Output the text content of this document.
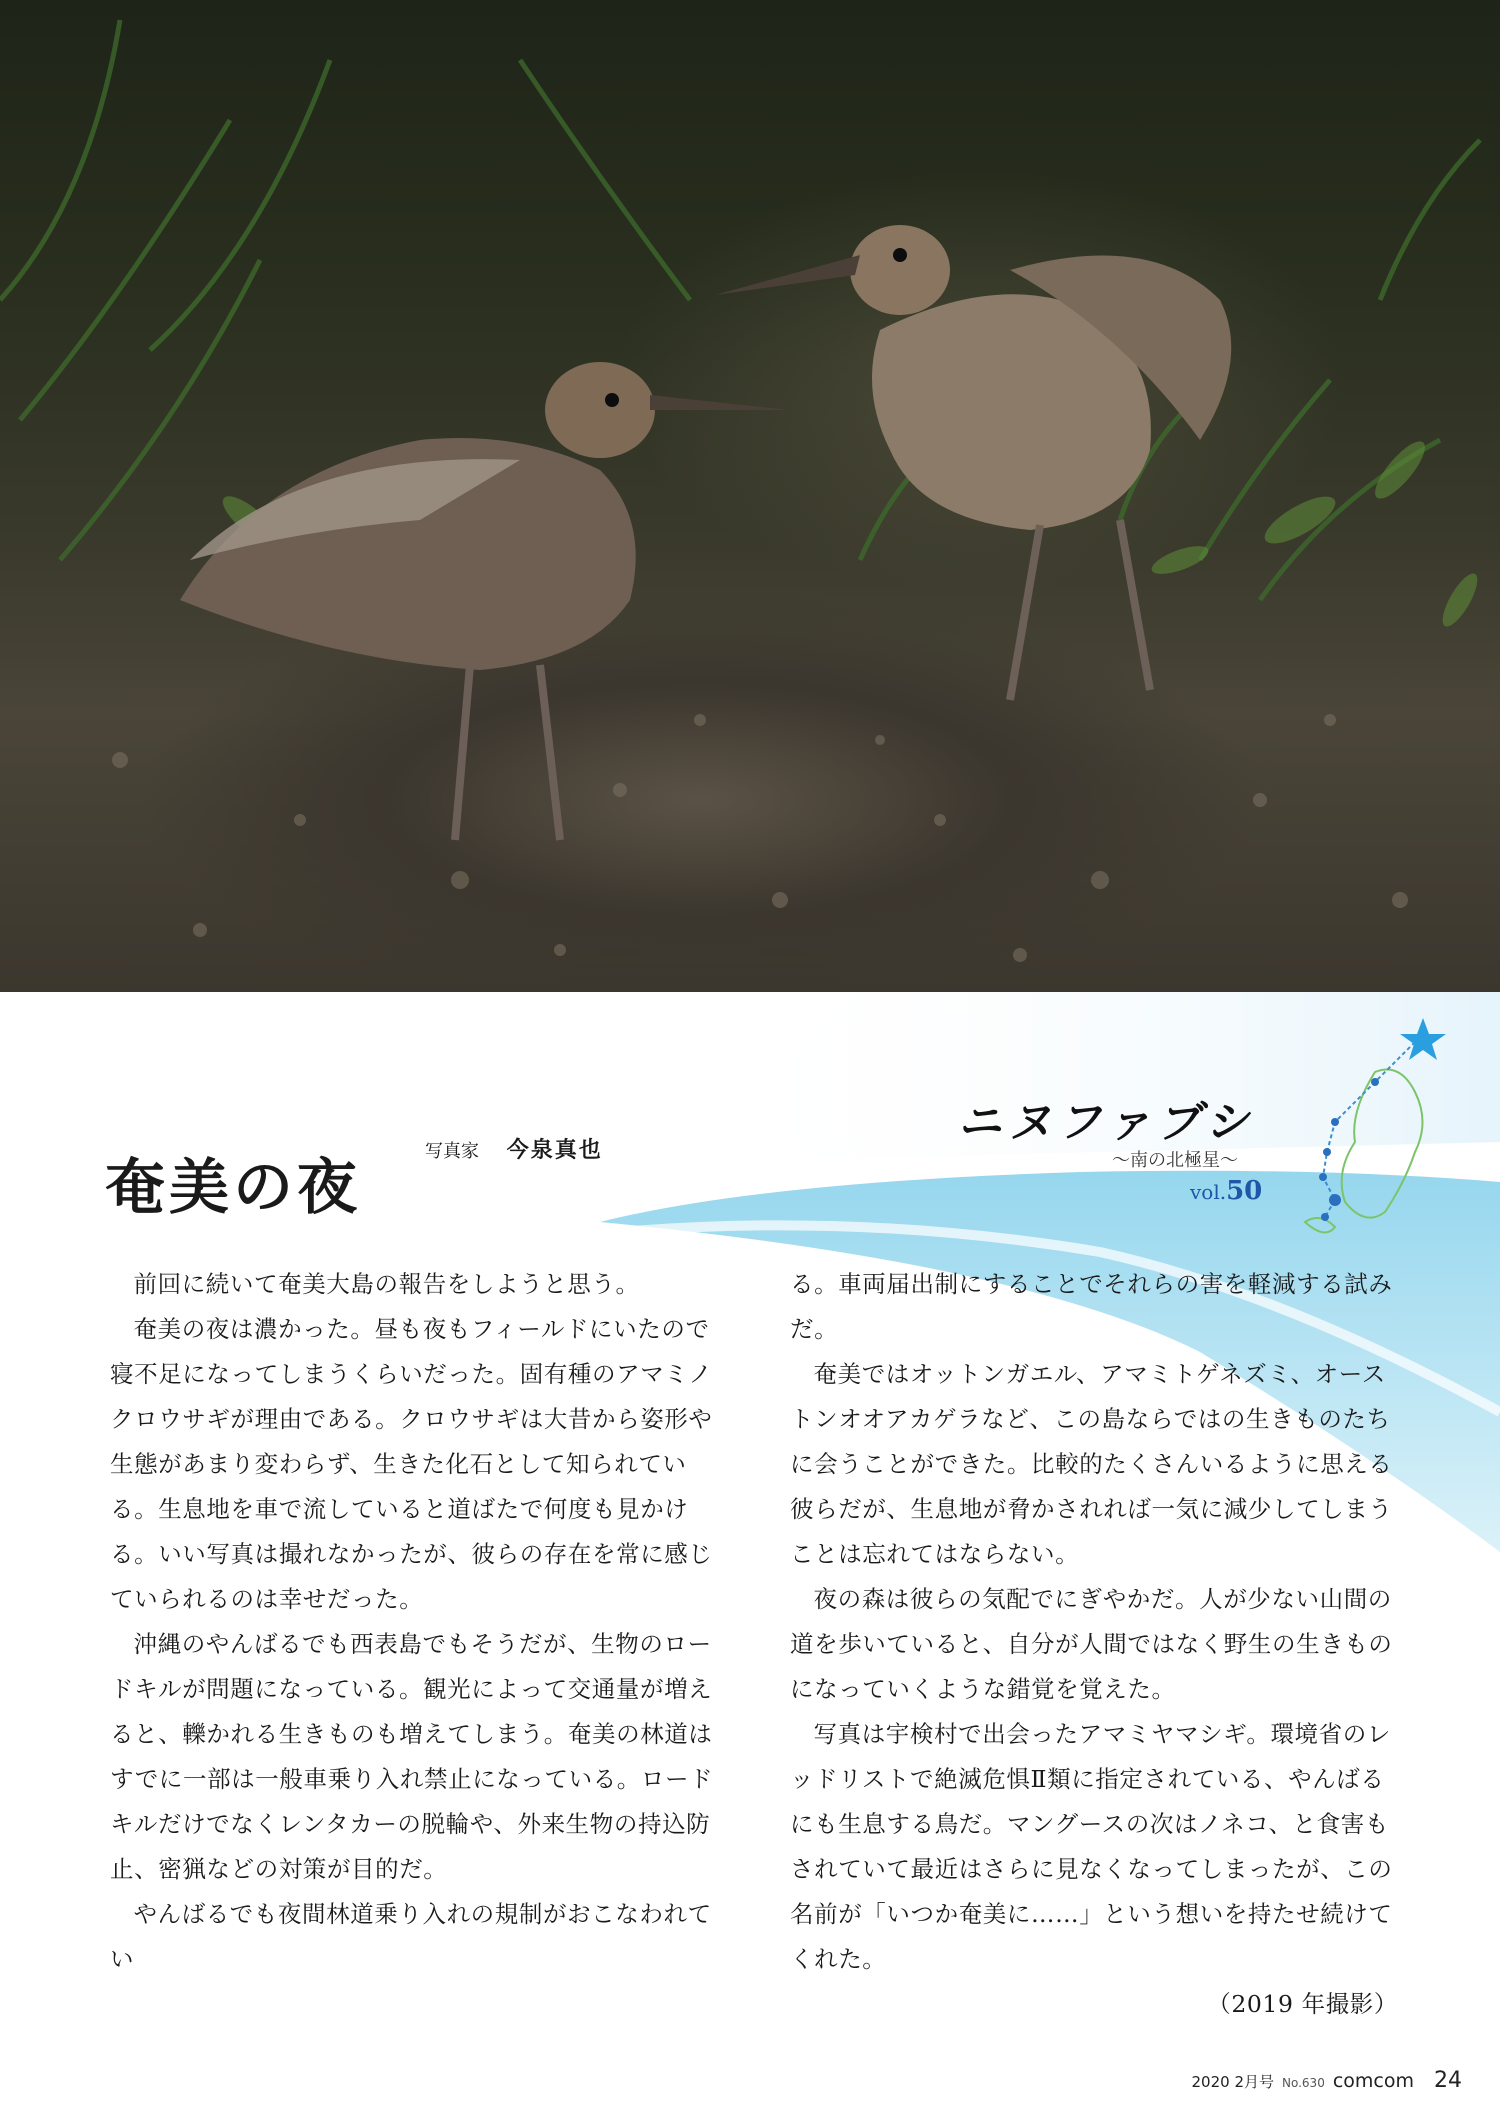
奄美の夜
写真家 今泉真也
ニヌファブシ
〜南の北極星〜
vol.50

前回に続いて奄美大島の報告をしようと思う。

奄美の夜は濃かった。昼も夜もフィールドにいたので寝不足になってしまうくらいだった。固有種のアマミノクロウサギが理由である。クロウサギは大昔から姿形や生態があまり変わらず、生きた化石として知られている。生息地を車で流していると道ばたで何度も見かける。いい写真は撮れなかったが、彼らの存在を常に感じていられるのは幸せだった。

沖縄のやんばるでも西表島でもそうだが、生物のロードキルが問題になっている。観光によって交通量が増えると、轢かれる生きものも増えてしまう。奄美の林道はすでに一部は一般車乗り入れ禁止になっている。ロードキルだけでなくレンタカーの脱輪や、外来生物の持込防止、密猟などの対策が目的だ。

やんばるでも夜間林道乗り入れの規制がおこなわれてい

る。車両届出制にすることでそれらの害を軽減する試みだ。

奄美ではオットンガエル、アマミトゲネズミ、オーストンオオアカゲラなど、この島ならではの生きものたちに会うことができた。比較的たくさんいるように思える彼らだが、生息地が脅かされれば一気に減少してしまうことは忘れてはならない。

夜の森は彼らの気配でにぎやかだ。人が少ない山間の道を歩いていると、自分が人間ではなく野生の生きものになっていくような錯覚を覚えた。

写真は宇検村で出会ったアマミヤマシギ。環境省のレッドリストで絶滅危惧Ⅱ類に指定されている、やんばるにも生息する鳥だ。マングースの次はノネコ、と食害もされていて最近はさらに見なくなってしまったが、この名前が「いつか奄美に……」という想いを持たせ続けてくれた。

（2019 年撮影）

2020 2月号 No.630 comcom 24
